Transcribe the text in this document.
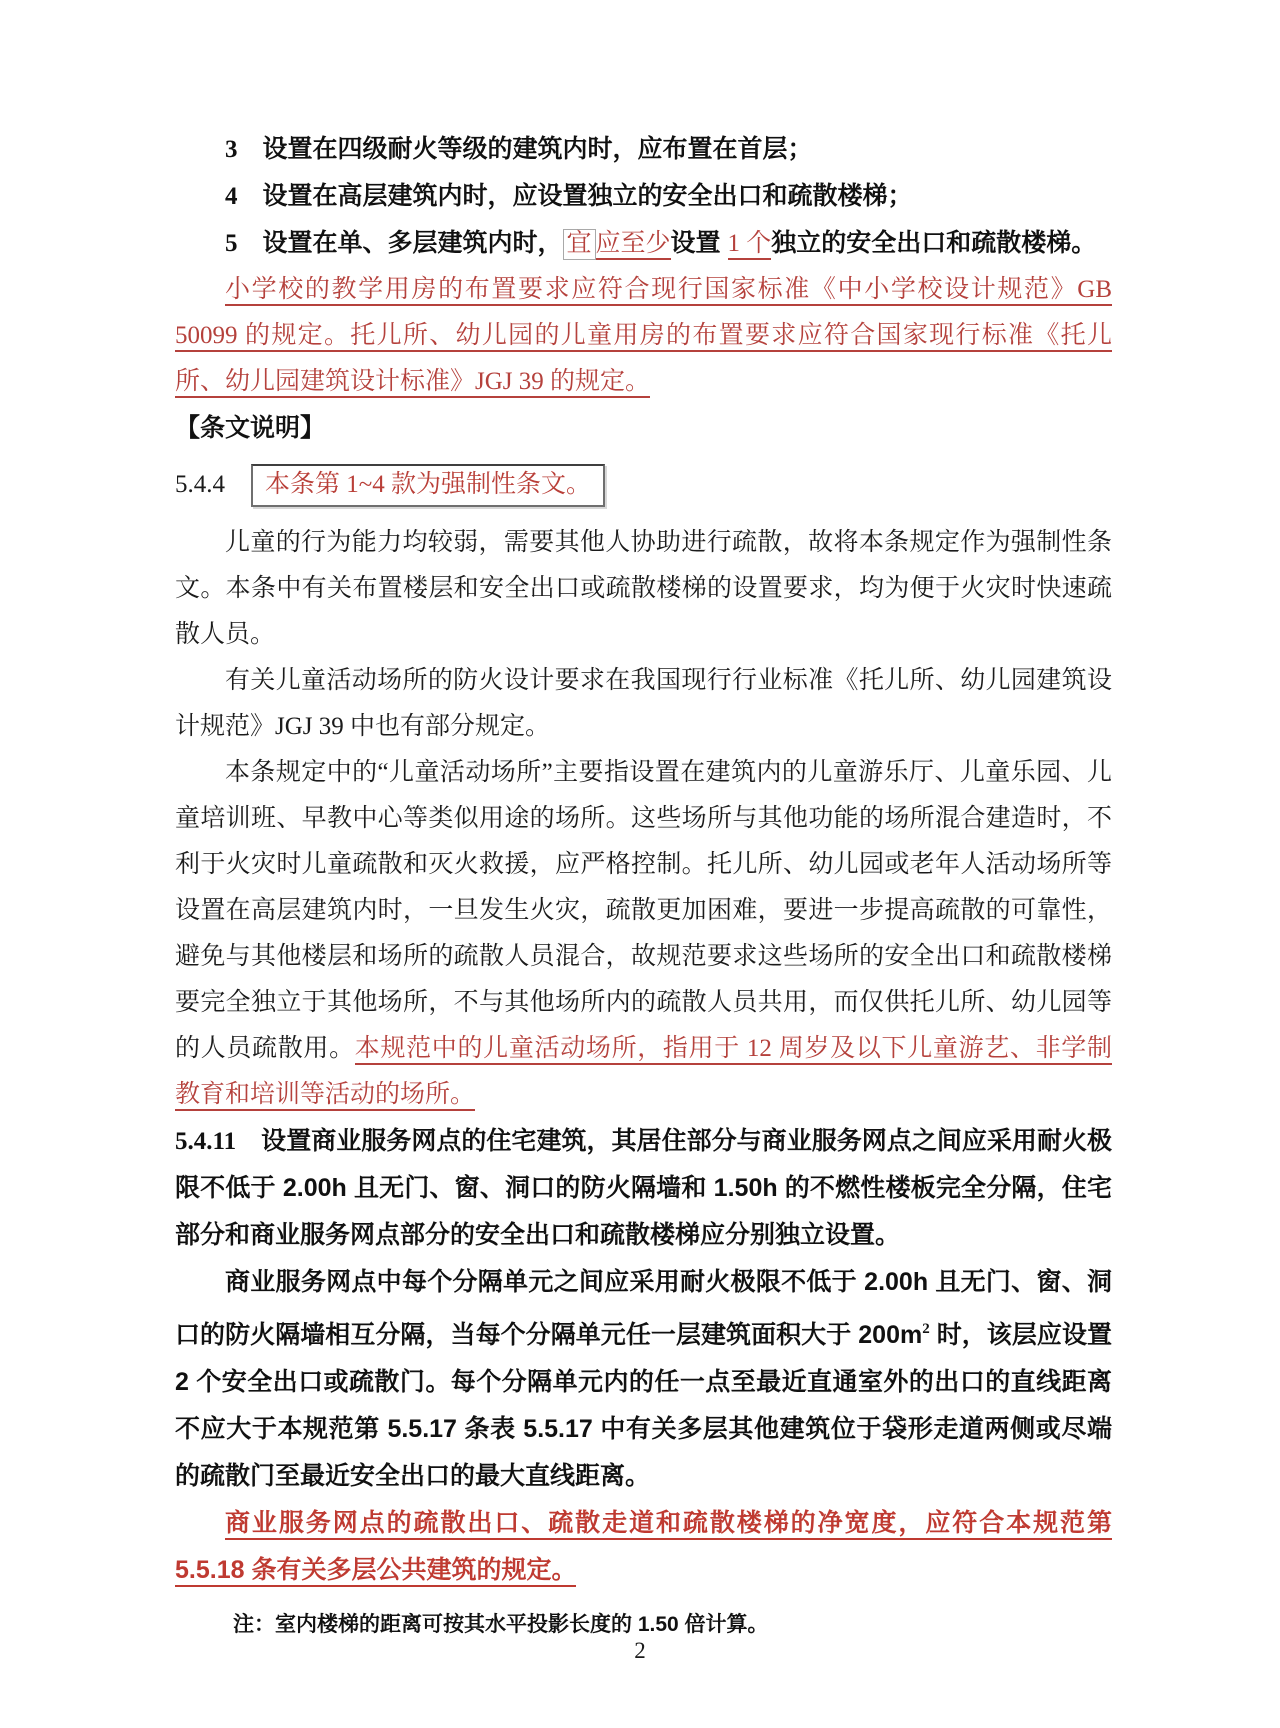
3　设置在四级耐火等级的建筑内时，应布置在首层；

4　设置在高层建筑内时，应设置独立的安全出口和疏散楼梯；

5　设置在单、多层建筑内时， 宜 应至少设置 1 个独立的安全出口和疏散楼梯。

小学校的教学用房的布置要求应符合现行国家标准《中小学校设计规范》GB 50099 的规定。托儿所、幼儿园的儿童用房的布置要求应符合国家现行标准《托儿所、幼儿园建筑设计标准》JGJ 39 的规定。

【条文说明】

5.4.4 本条第 1~4 款为强制性条文。

儿童的行为能力均较弱，需要其他人协助进行疏散，故将本条规定作为强制性条文。本条中有关布置楼层和安全出口或疏散楼梯的设置要求，均为便于火灾时快速疏散人员。

有关儿童活动场所的防火设计要求在我国现行行业标准《托儿所、幼儿园建筑设计规范》JGJ 39 中也有部分规定。

本条规定中的“儿童活动场所”主要指设置在建筑内的儿童游乐厅、儿童乐园、儿童培训班、早教中心等类似用途的场所。这些场所与其他功能的场所混合建造时，不利于火灾时儿童疏散和灭火救援，应严格控制。托儿所、幼儿园或老年人活动场所等设置在高层建筑内时，一旦发生火灾，疏散更加困难，要进一步提高疏散的可靠性，避免与其他楼层和场所的疏散人员混合，故规范要求这些场所的安全出口和疏散楼梯要完全独立于其他场所，不与其他场所内的疏散人员共用，而仅供托儿所、幼儿园等的人员疏散用。本规范中的儿童活动场所，指用于 12 周岁及以下儿童游艺、非学制教育和培训等活动的场所。

5.4.11　设置商业服务网点的住宅建筑，其居住部分与商业服务网点之间应采用耐火极限不低于 2.00h 且无门、窗、洞口的防火隔墙和 1.50h 的不燃性楼板完全分隔，住宅部分和商业服务网点部分的安全出口和疏散楼梯应分别独立设置。

商业服务网点中每个分隔单元之间应采用耐火极限不低于 2.00h 且无门、窗、洞口的防火隔墙相互分隔，当每个分隔单元任一层建筑面积大于 $200m^2$ 时，该层应设置 2 个安全出口或疏散门。每个分隔单元内的任一点至最近直通室外的出口的直线距离不应大于本规范第 5.5.17 条表 5.5.17 中有关多层其他建筑位于袋形走道两侧或尽端的疏散门至最近安全出口的最大直线距离。

商业服务网点的疏散出口、疏散走道和疏散楼梯的净宽度，应符合本规范第 5.5.18 条有关多层公共建筑的规定。

注：室内楼梯的距离可按其水平投影长度的 1.50 倍计算。

2
